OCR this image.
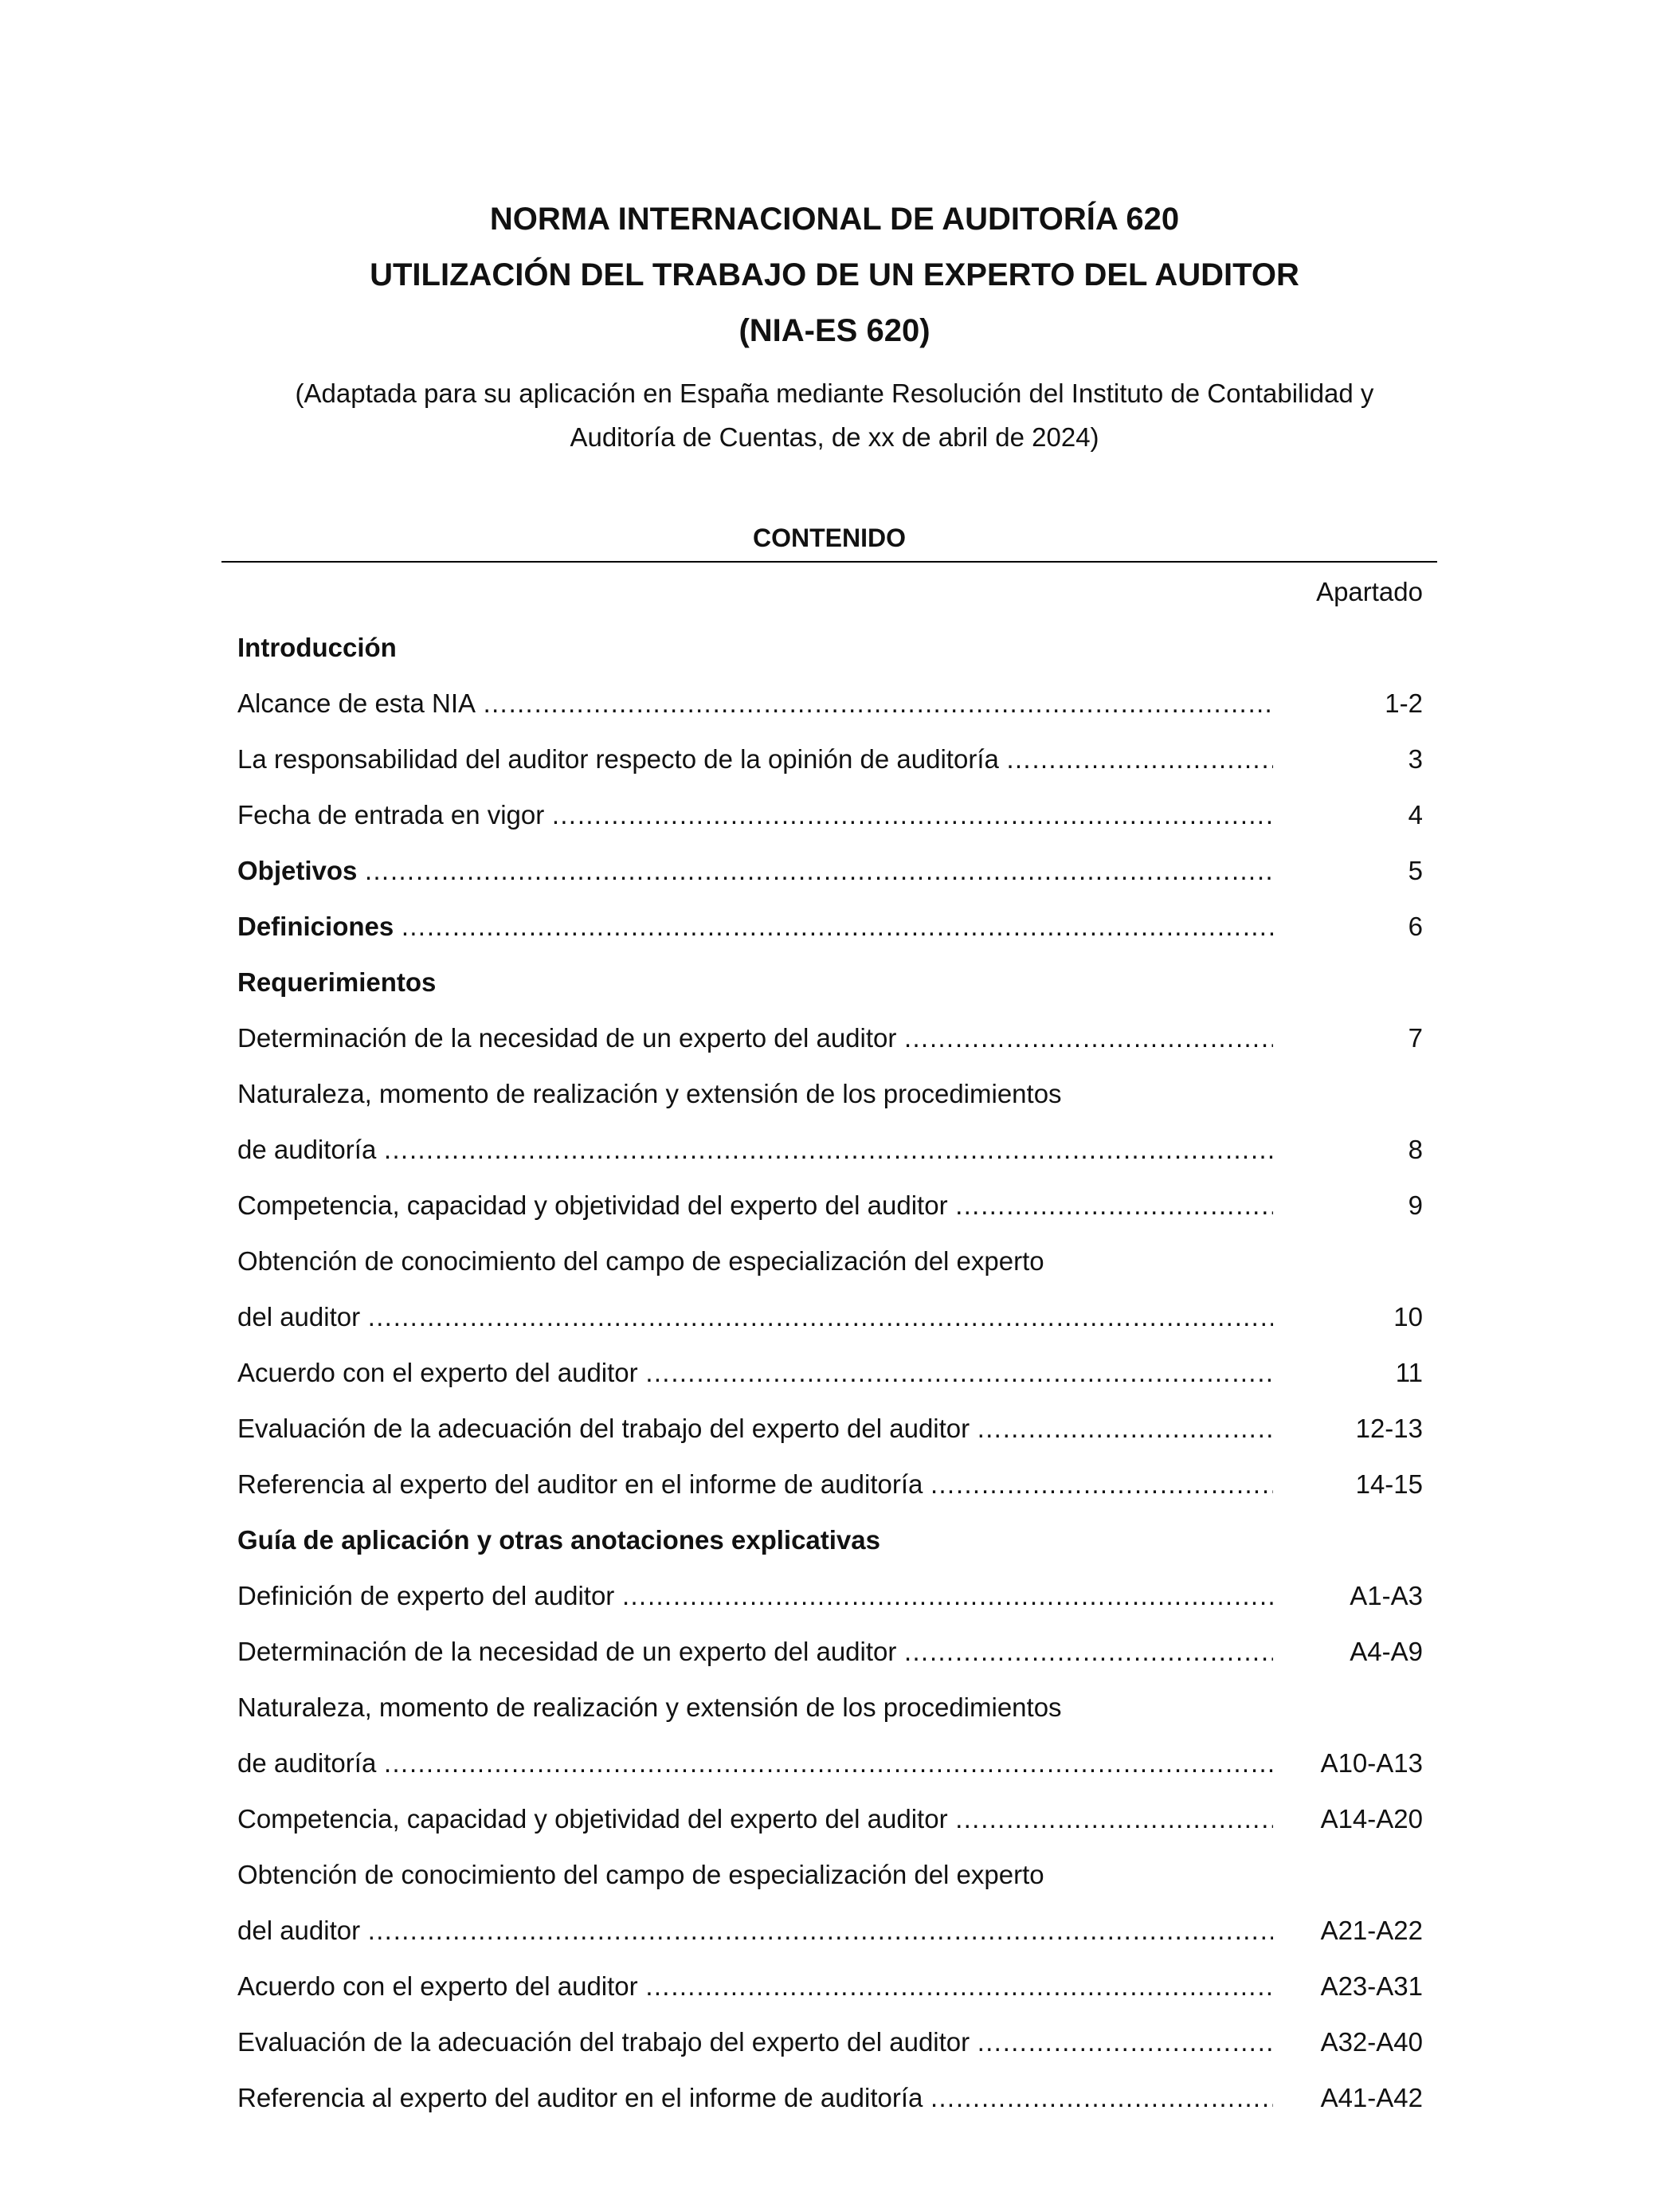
NORMA INTERNACIONAL DE AUDITORÍA 620
UTILIZACIÓN DEL TRABAJO DE UN EXPERTO DEL AUDITOR
(NIA-ES 620)
(Adaptada para su aplicación en España mediante Resolución del Instituto de Contabilidad y
Auditoría de Cuentas, de xx de abril de 2024)
CONTENIDO
Apartado
Introducción
Alcance de esta NIA ……………………………………………………………………………………………………………………………………………………………………………………………………………………	1-2
La responsabilidad del auditor respecto de la opinión de auditoría ……………………………………………………………………………………………………………………………………………………………………………………………………………………	3
Fecha de entrada en vigor ……………………………………………………………………………………………………………………………………………………………………………………………………………………	4
Objetivos ……………………………………………………………………………………………………………………………………………………………………………………………………………………	5
Definiciones ……………………………………………………………………………………………………………………………………………………………………………………………………………………	6
Requerimientos
Determinación de la necesidad de un experto del auditor ……………………………………………………………………………………………………………………………………………………………………………………………………………………	7
Naturaleza, momento de realización y extensión de los procedimientos
de auditoría ……………………………………………………………………………………………………………………………………………………………………………………………………………………	8
Competencia, capacidad y objetividad del experto del auditor ……………………………………………………………………………………………………………………………………………………………………………………………………………………	9
Obtención de conocimiento del campo de especialización del experto
del auditor ……………………………………………………………………………………………………………………………………………………………………………………………………………………	10
Acuerdo con el experto del auditor ……………………………………………………………………………………………………………………………………………………………………………………………………………………	11
Evaluación de la adecuación del trabajo del experto del auditor ……………………………………………………………………………………………………………………………………………………………………………………………………………………	12-13
Referencia al experto del auditor en el informe de auditoría ……………………………………………………………………………………………………………………………………………………………………………………………………………………	14-15
Guía de aplicación y otras anotaciones explicativas
Definición de experto del auditor ……………………………………………………………………………………………………………………………………………………………………………………………………………………	A1-A3
Determinación de la necesidad de un experto del auditor ……………………………………………………………………………………………………………………………………………………………………………………………………………………	A4-A9
Naturaleza, momento de realización y extensión de los procedimientos
de auditoría ……………………………………………………………………………………………………………………………………………………………………………………………………………………	A10-A13
Competencia, capacidad y objetividad del experto del auditor ……………………………………………………………………………………………………………………………………………………………………………………………………………………	A14-A20
Obtención de conocimiento del campo de especialización del experto
del auditor ……………………………………………………………………………………………………………………………………………………………………………………………………………………	A21-A22
Acuerdo con el experto del auditor ……………………………………………………………………………………………………………………………………………………………………………………………………………………	A23-A31
Evaluación de la adecuación del trabajo del experto del auditor ……………………………………………………………………………………………………………………………………………………………………………………………………………………	A32-A40
Referencia al experto del auditor en el informe de auditoría ……………………………………………………………………………………………………………………………………………………………………………………………………………………	A41-A42
